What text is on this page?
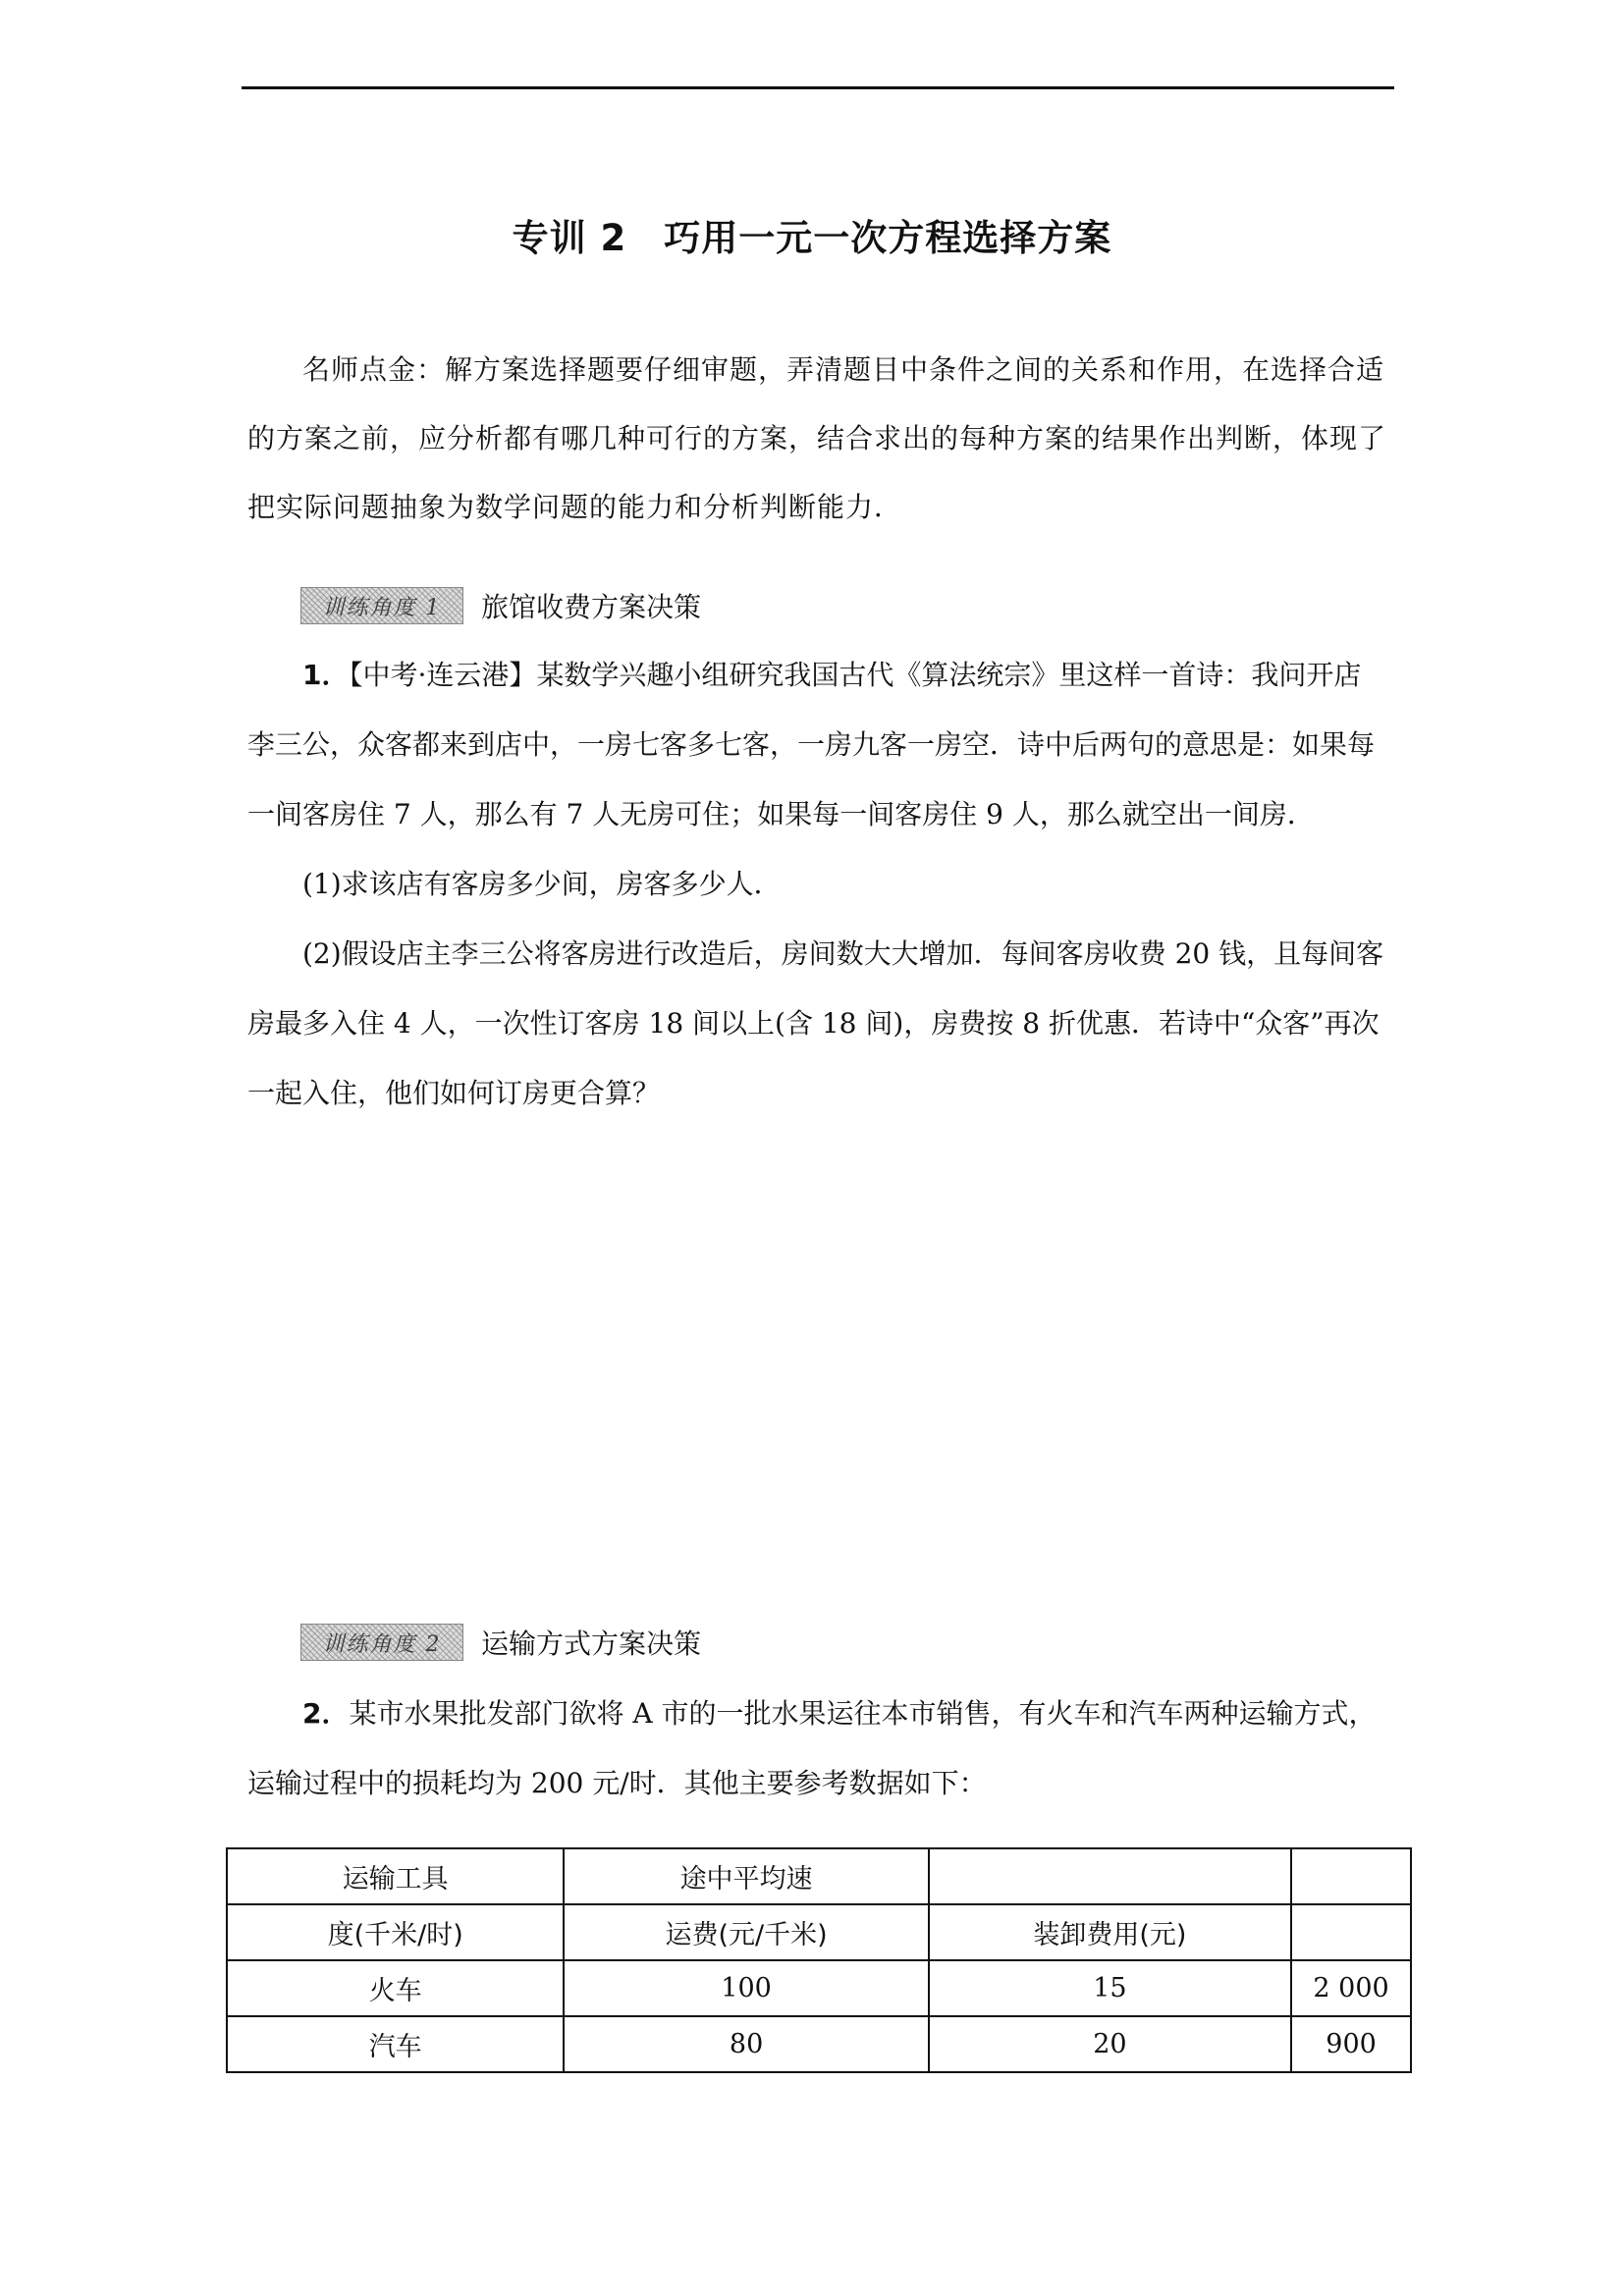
专训 2　巧用一元一次方程选择方案
名师点金：解方案选择题要仔细审题，弄清题目中条件之间的关系和作用，在选择合适的方案之前，应分析都有哪几种可行的方案，结合求出的每种方案的结果作出判断，体现了把实际问题抽象为数学问题的能力和分析判断能力．
训练角度 1	旅馆收费方案决策
1．【中考·连云港】某数学兴趣小组研究我国古代《算法统宗》里这样一首诗：我问开店李三公，众客都来到店中，一房七客多七客，一房九客一房空．诗中后两句的意思是：如果每一间客房住 7 人，那么有 7 人无房可住；如果每一间客房住 9 人，那么就空出一间房．
(1)求该店有客房多少间，房客多少人．
(2)假设店主李三公将客房进行改造后，房间数大大增加．每间客房收费 20 钱，且每间客房最多入住 4 人，一次性订客房 18 间以上(含 18 间)，房费按 8 折优惠．若诗中“众客”再次一起入住，他们如何订房更合算？
训练角度 2	运输方式方案决策
2．某市水果批发部门欲将 A 市的一批水果运往本市销售，有火车和汽车两种运输方式，运输过程中的损耗均为 200 元/时．其他主要参考数据如下：
运输工具	途中平均速		
度(千米/时)	运费(元/千米)	装卸费用(元)	
火车	100	15	2 000
汽车	80	20	900
